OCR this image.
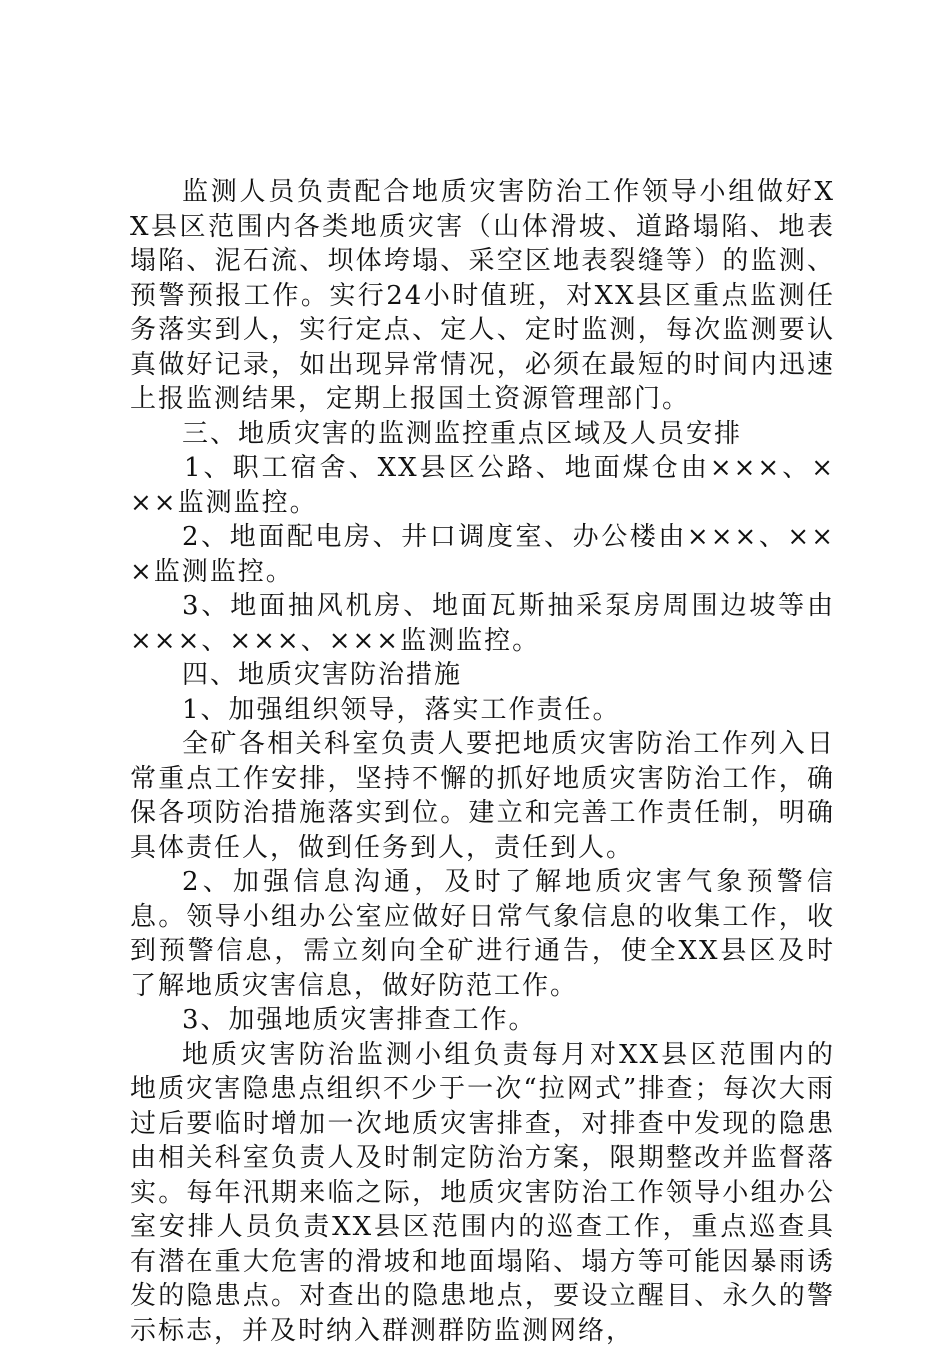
监测人员负责配合地质灾害防治工作领导小组做好XX县区范围内各类地质灾害（山体滑坡、道路塌陷、地表塌陷、泥石流、坝体垮塌、采空区地表裂缝等）的监测、预警预报工作。实行24小时值班，对XX县区重点监测任务落实到人，实行定点、定人、定时监测，每次监测要认真做好记录，如出现异常情况，必须在最短的时间内迅速上报监测结果，定期上报国土资源管理部门。

三、地质灾害的监测监控重点区域及人员安排

1、职工宿舍、XX县区公路、地面煤仓由×××、×××监测监控。

2、地面配电房、井口调度室、办公楼由×××、×××监测监控。

3、地面抽风机房、地面瓦斯抽采泵房周围边坡等由×××、×××、×××监测监控。

四、地质灾害防治措施

1、加强组织领导，落实工作责任。

全矿各相关科室负责人要把地质灾害防治工作列入日常重点工作安排，坚持不懈的抓好地质灾害防治工作，确保各项防治措施落实到位。建立和完善工作责任制，明确具体责任人，做到任务到人，责任到人。

2、加强信息沟通，及时了解地质灾害气象预警信息。领导小组办公室应做好日常气象信息的收集工作，收到预警信息，需立刻向全矿进行通告，使全XX县区及时了解地质灾害信息，做好防范工作。

3、加强地质灾害排查工作。

地质灾害防治监测小组负责每月对XX县区范围内的地质灾害隐患点组织不少于一次“拉网式”排查；每次大雨过后要临时增加一次地质灾害排查，对排查中发现的隐患由相关科室负责人及时制定防治方案，限期整改并监督落实。每年汛期来临之际，地质灾害防治工作领导小组办公室安排人员负责XX县区范围内的巡查工作，重点巡查具有潜在重大危害的滑坡和地面塌陷、塌方等可能因暴雨诱发的隐患点。对查出的隐患地点，要设立醒目、永久的警示标志，并及时纳入群测群防监测网络，
